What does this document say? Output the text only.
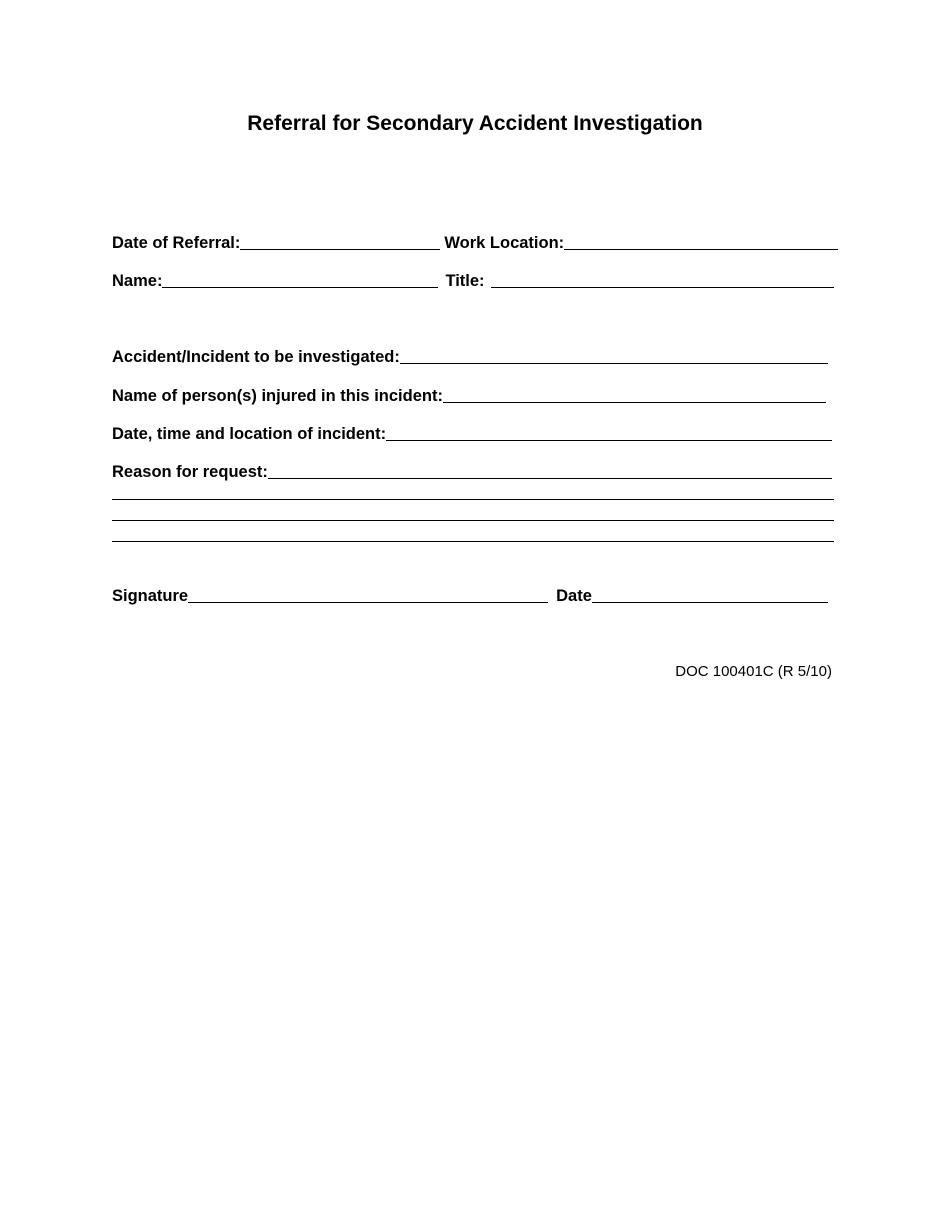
Referral for Secondary Accident Investigation
Date of Referral:	Work Location:
Name:	Title:
Accident/Incident to be investigated:
Name of person(s) injured in this incident:
Date, time and location of incident:
Reason for request:
Signature	Date
DOC 100401C (R 5/10)
